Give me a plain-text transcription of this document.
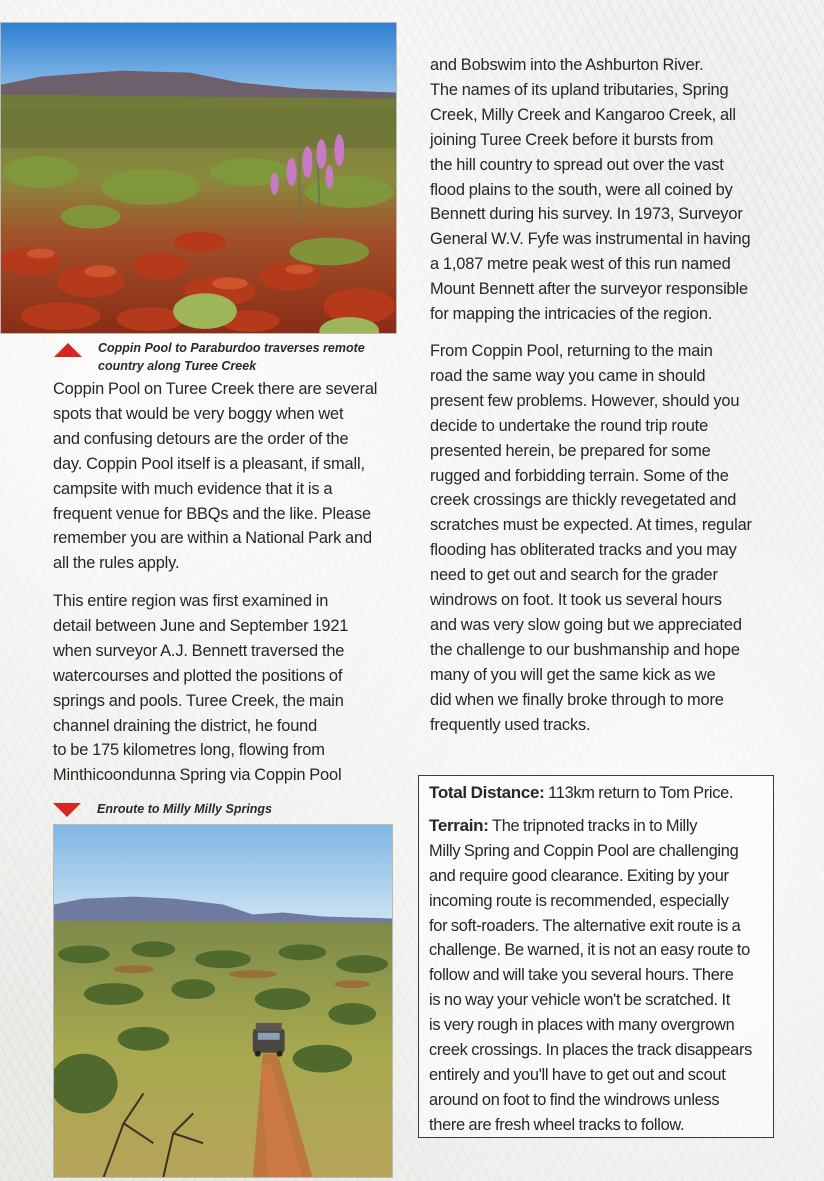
Coppin Pool to Paraburdoo traverses remote
country along Turee Creek
Coppin Pool on Turee Creek there are several
spots that would be very boggy when wet
and confusing detours are the order of the
day. Coppin Pool itself is a pleasant, if small,
campsite with much evidence that it is a
frequent venue for BBQs and the like. Please
remember you are within a National Park and
all the rules apply.
This entire region was first examined in
detail between June and September 1921
when surveyor A.J. Bennett traversed the
watercourses and plotted the positions of
springs and pools. Turee Creek, the main
channel draining the district, he found
to be 175 kilometres long, flowing from
Minthicoondunna Spring via Coppin Pool
Enroute to Milly Milly Springs
and Bobswim into the Ashburton River.
The names of its upland tributaries, Spring
Creek, Milly Creek and Kangaroo Creek, all
joining Turee Creek before it bursts from
the hill country to spread out over the vast
flood plains to the south, were all coined by
Bennett during his survey. In 1973, Surveyor
General W.V. Fyfe was instrumental in having
a 1,087 metre peak west of this run named
Mount Bennett after the surveyor responsible
for mapping the intricacies of the region.
From Coppin Pool, returning to the main
road the same way you came in should
present few problems. However, should you
decide to undertake the round trip route
presented herein, be prepared for some
rugged and forbidding terrain. Some of the
creek crossings are thickly revegetated and
scratches must be expected. At times, regular
flooding has obliterated tracks and you may
need to get out and search for the grader
windrows on foot. It took us several hours
and was very slow going but we appreciated
the challenge to our bushmanship and hope
many of you will get the same kick as we
did when we finally broke through to more
frequently used tracks.
Total Distance: 113km return to Tom Price.
Terrain: The tripnoted tracks in to Milly
Milly Spring and Coppin Pool are challenging
and require good clearance. Exiting by your
incoming route is recommended, especially
for soft-roaders. The alternative exit route is a
challenge. Be warned, it is not an easy route to
follow and will take you several hours. There
is no way your vehicle won't be scratched. It
is very rough in places with many overgrown
creek crossings. In places the track disappears
entirely and you'll have to get out and scout
around on foot to find the windrows unless
there are fresh wheel tracks to follow.
